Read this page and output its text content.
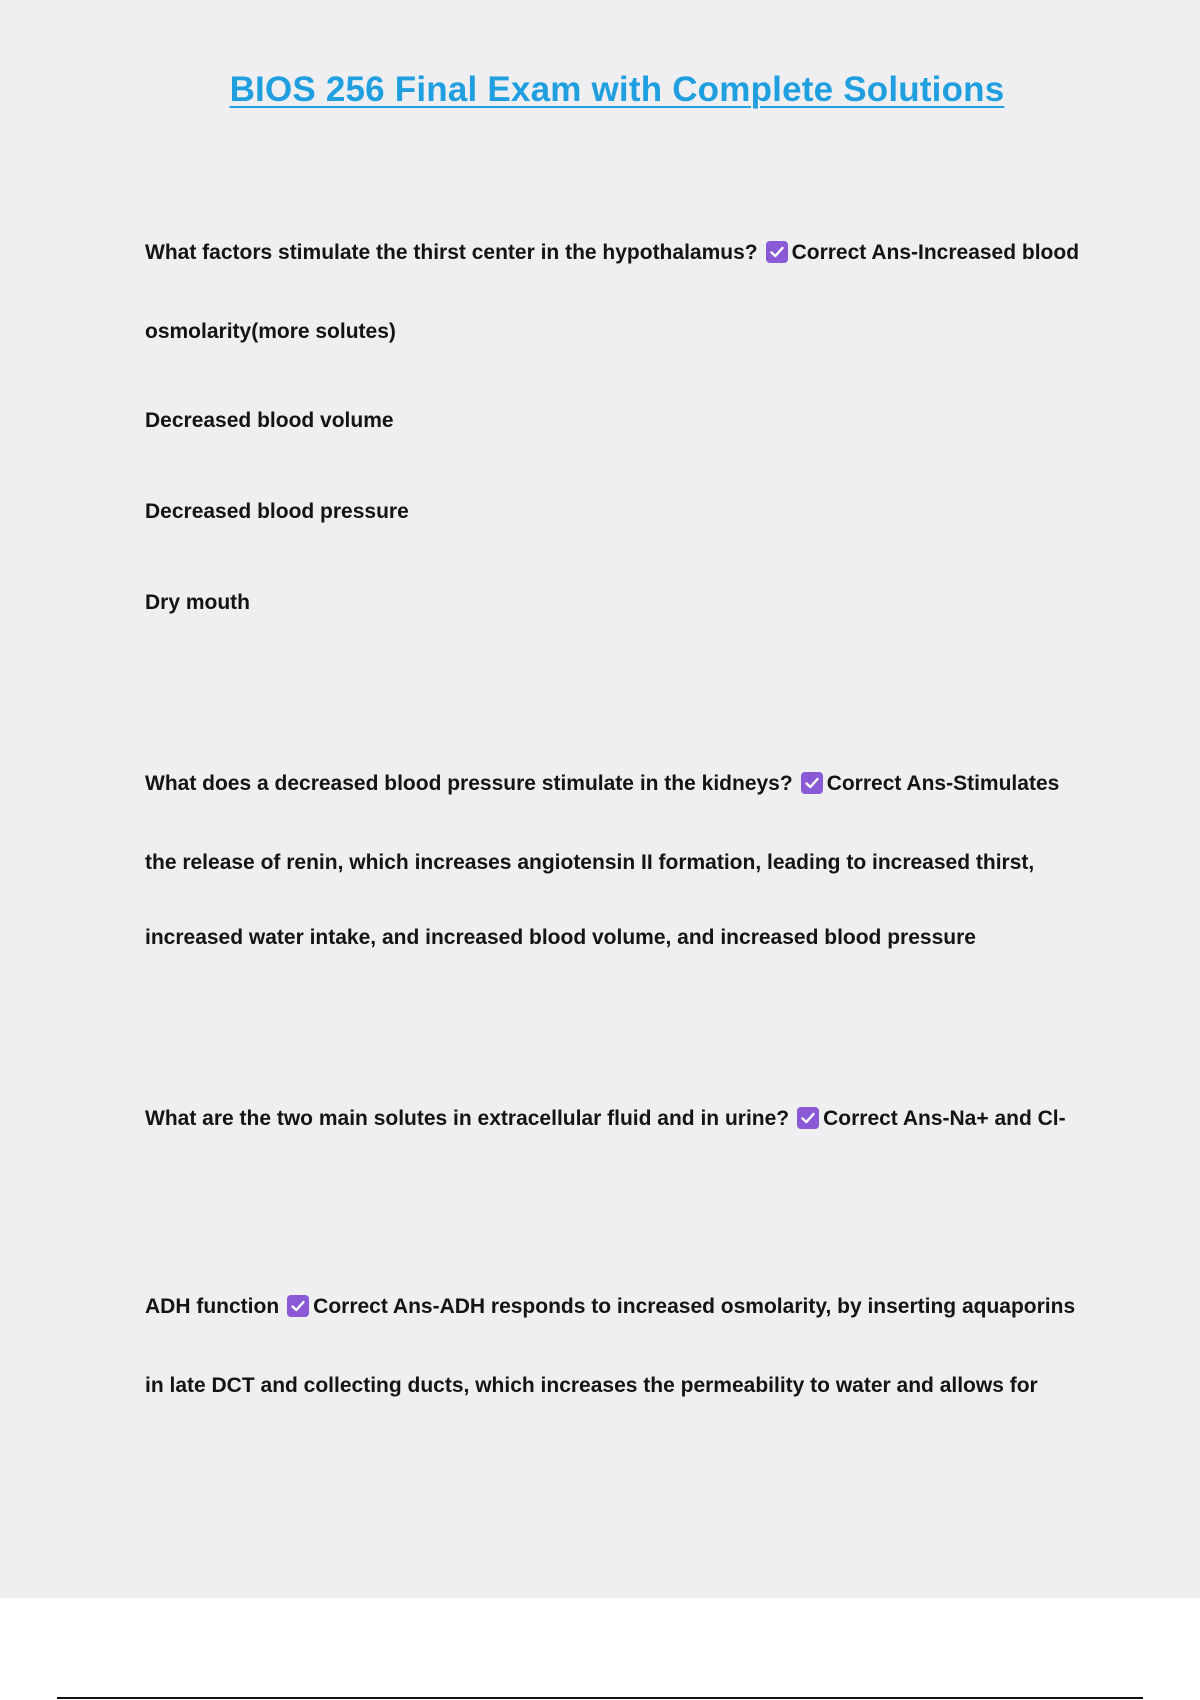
BIOS 256 Final Exam with Complete Solutions
What factors stimulate the thirst center in the hypothalamus? Correct Ans-Increased blood
osmolarity(more solutes)
Decreased blood volume
Decreased blood pressure
Dry mouth
What does a decreased blood pressure stimulate in the kidneys? Correct Ans-Stimulates
the release of renin, which increases angiotensin II formation, leading to increased thirst,
increased water intake, and increased blood volume, and increased blood pressure
What are the two main solutes in extracellular fluid and in urine? Correct Ans-Na+ and Cl-
ADH function Correct Ans-ADH responds to increased osmolarity, by inserting aquaporins
in late DCT and collecting ducts, which increases the permeability to water and allows for
